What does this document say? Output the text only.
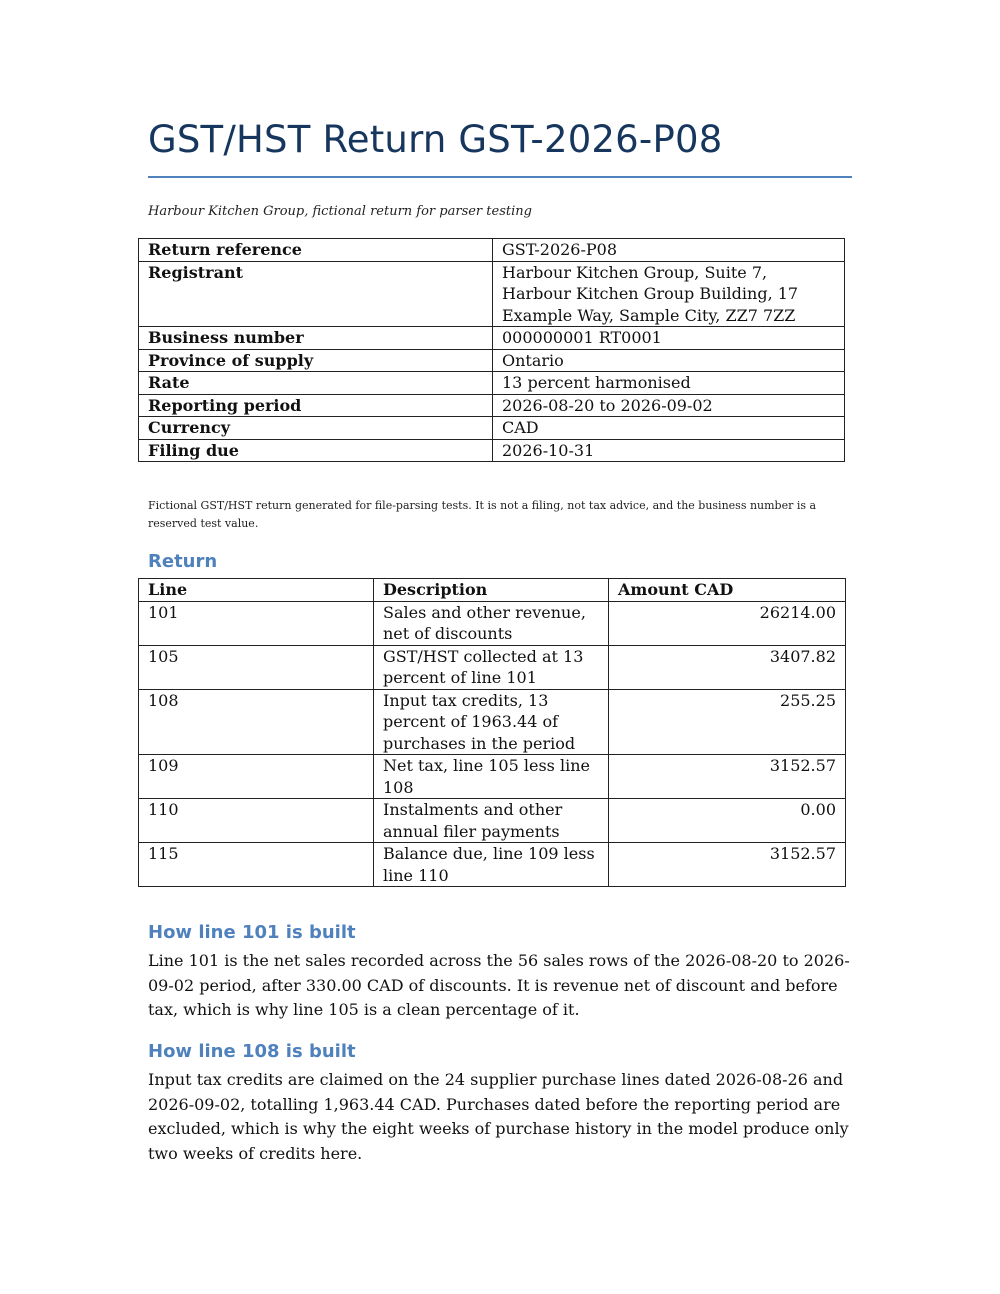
GST/HST Return GST-2026-P08
Harbour Kitchen Group, fictional return for parser testing
Return reference	GST-2026-P08
Registrant	Harbour Kitchen Group, Suite 7, Harbour Kitchen Group Building, 17 Example Way, Sample City, ZZ7 7ZZ
Business number	000000001 RT0001
Province of supply	Ontario
Rate	13 percent harmonised
Reporting period	2026-08-20 to 2026-09-02
Currency	CAD
Filing due	2026-10-31
Fictional GST/HST return generated for file-parsing tests. It is not a filing, not tax advice, and the business number is a reserved test value.
Return
Line	Description	Amount CAD
101	Sales and other revenue, net of discounts	26214.00
105	GST/HST collected at 13 percent of line 101	3407.82
108	Input tax credits, 13 percent of 1963.44 of purchases in the period	255.25
109	Net tax, line 105 less line 108	3152.57
110	Instalments and other annual filer payments	0.00
115	Balance due, line 109 less line 110	3152.57
How line 101 is built

Line 101 is the net sales recorded across the 56 sales rows of the 2026-08-20 to 2026-09-02 period, after 330.00 CAD of discounts. It is revenue net of discount and before tax, which is why line 105 is a clean percentage of it.

How line 108 is built

Input tax credits are claimed on the 24 supplier purchase lines dated 2026-08-26 and 2026-09-02, totalling 1,963.44 CAD. Purchases dated before the reporting period are excluded, which is why the eight weeks of purchase history in the model produce only two weeks of credits here.
